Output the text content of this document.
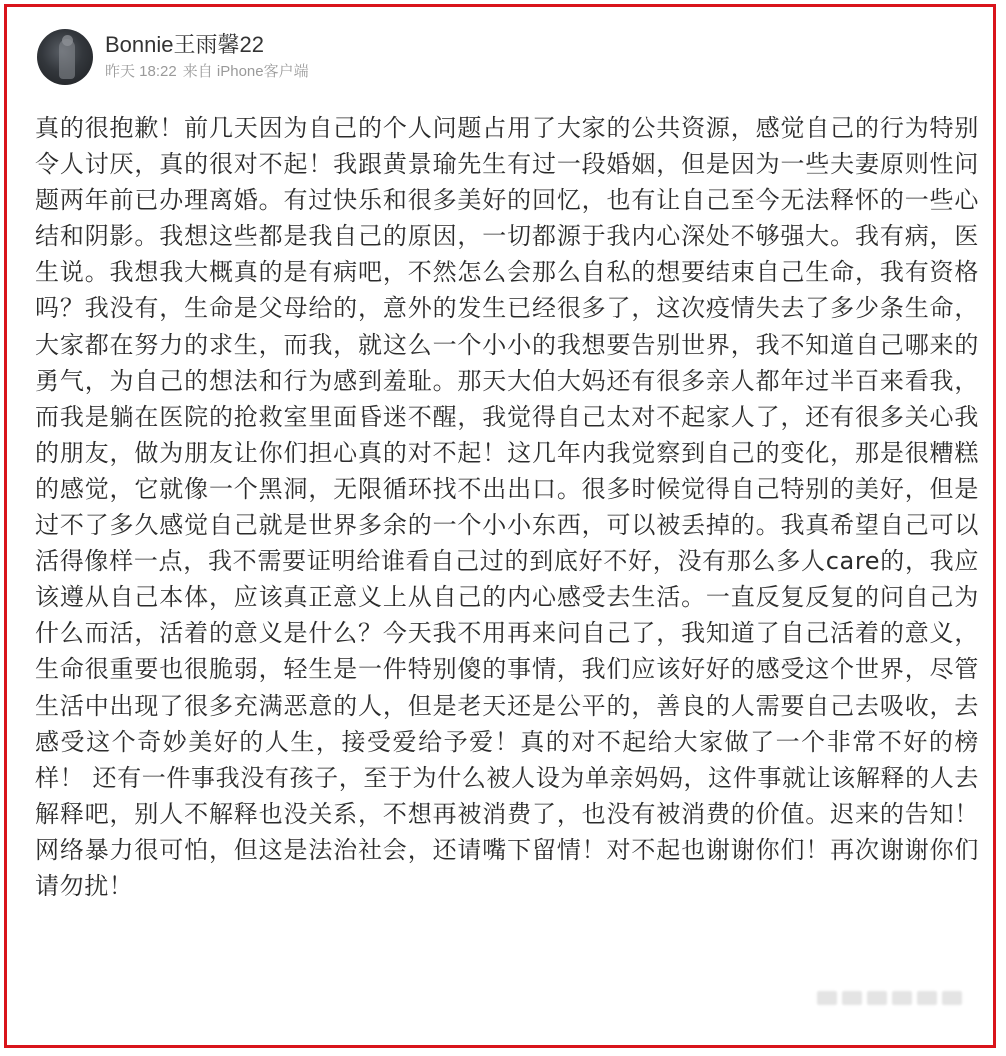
Bonnie王雨馨22
昨天 18:22 来自 iPhone客户端
真的很抱歉！前几天因为自己的个人问题占用了大家的公共资源，感觉自己的行为特别令人讨厌，真的很对不起！我跟黄景瑜先生有过一段婚姻，但是因为一些夫妻原则性问题两年前已办理离婚。有过快乐和很多美好的回忆，也有让自己至今无法释怀的一些心结和阴影。我想这些都是我自己的原因，一切都源于我内心深处不够强大。我有病，医生说。我想我大概真的是有病吧，不然怎么会那么自私的想要结束自己生命，我有资格吗？我没有，生命是父母给的，意外的发生已经很多了，这次疫情失去了多少条生命，大家都在努力的求生，而我，就这么一个小小的我想要告别世界，我不知道自己哪来的勇气，为自己的想法和行为感到羞耻。那天大伯大妈还有很多亲人都年过半百来看我，而我是躺在医院的抢救室里面昏迷不醒，我觉得自己太对不起家人了，还有很多关心我的朋友，做为朋友让你们担心真的对不起！这几年内我觉察到自己的变化，那是很糟糕的感觉，它就像一个黑洞，无限循环找不出出口。很多时候觉得自己特别的美好，但是过不了多久感觉自己就是世界多余的一个小小东西，可以被丢掉的。我真希望自己可以活得像样一点，我不需要证明给谁看自己过的到底好不好，没有那么多人care的，我应该遵从自己本体，应该真正意义上从自己的内心感受去生活。一直反复反复的问自己为什么而活，活着的意义是什么？今天我不用再来问自己了，我知道了自己活着的意义，生命很重要也很脆弱，轻生是一件特别傻的事情，我们应该好好的感受这个世界，尽管生活中出现了很多充满恶意的人，但是老天还是公平的，善良的人需要自己去吸收，去感受这个奇妙美好的人生，接受爱给予爱！真的对不起给大家做了一个非常不好的榜样！ 还有一件事我没有孩子，至于为什么被人设为单亲妈妈，这件事就让该解释的人去解释吧，别人不解释也没关系，不想再被消费了，也没有被消费的价值。迟来的告知！网络暴力很可怕，但这是法治社会，还请嘴下留情！对不起也谢谢你们！再次谢谢你们请勿扰！
